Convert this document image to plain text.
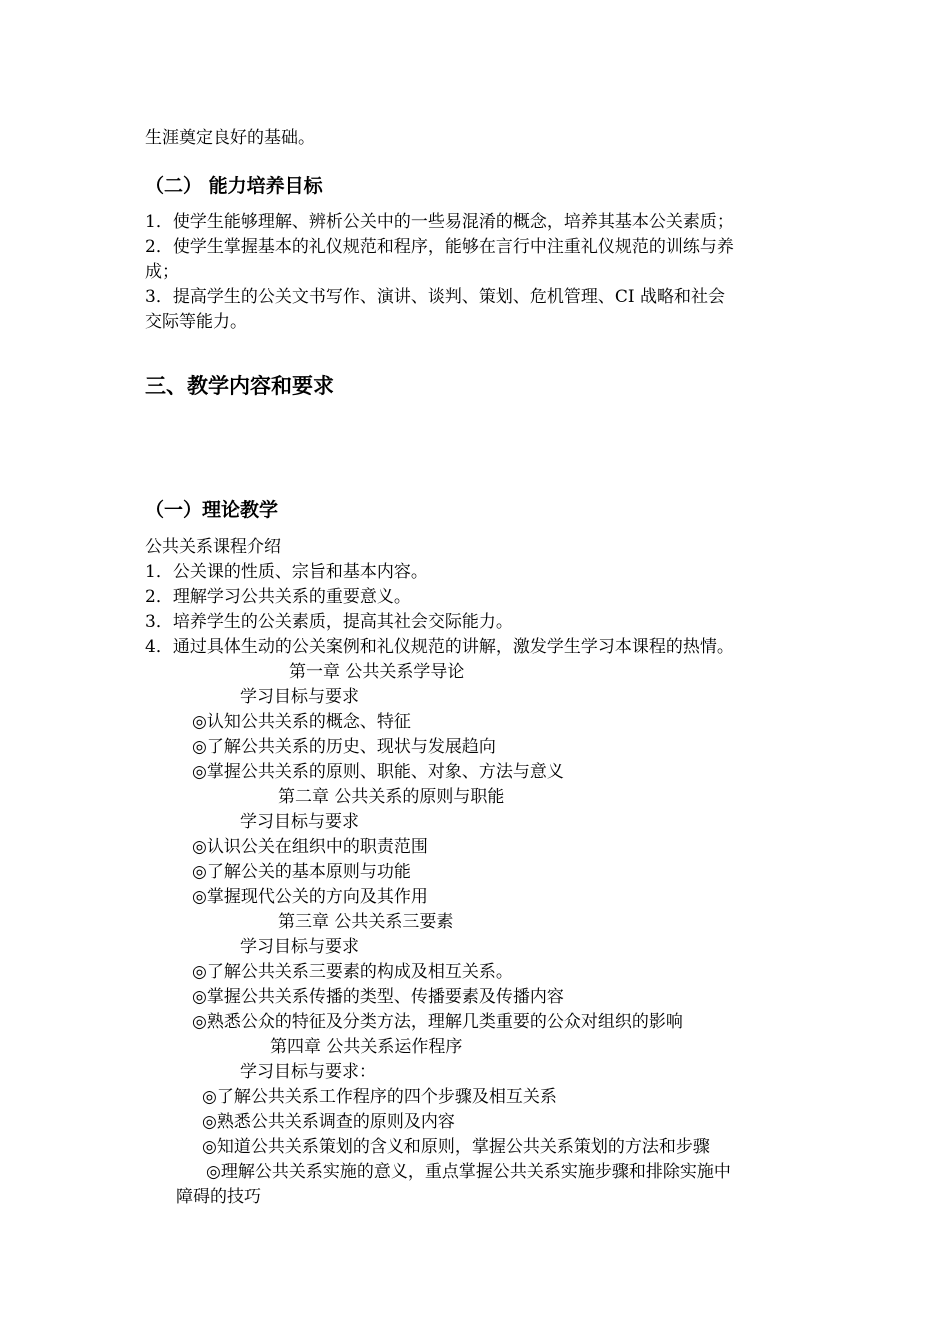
生涯奠定良好的基础。
（二） 能力培养目标
1．使学生能够理解、辨析公关中的一些易混淆的概念，培养其基本公关素质；
2．使学生掌握基本的礼仪规范和程序，能够在言行中注重礼仪规范的训练与养
成；
3．提高学生的公关文书写作、演讲、谈判、策划、危机管理、CI 战略和社会
交际等能力。
三、教学内容和要求
（一）理论教学
公共关系课程介绍
1．公关课的性质、宗旨和基本内容。
2．理解学习公共关系的重要意义。
3．培养学生的公关素质，提高其社会交际能力。
4．通过具体生动的公关案例和礼仪规范的讲解，激发学生学习本课程的热情。
第一章 公共关系学导论
学习目标与要求
◎认知公共关系的概念、特征
◎了解公共关系的历史、现状与发展趋向
◎掌握公共关系的原则、职能、对象、方法与意义
第二章 公共关系的原则与职能
学习目标与要求
◎认识公关在组织中的职责范围
◎了解公关的基本原则与功能
◎掌握现代公关的方向及其作用
第三章 公共关系三要素
学习目标与要求
◎了解公共关系三要素的构成及相互关系。
◎掌握公共关系传播的类型、传播要素及传播内容
◎熟悉公众的特征及分类方法，理解几类重要的公众对组织的影响
第四章 公共关系运作程序
学习目标与要求：
◎了解公共关系工作程序的四个步骤及相互关系
◎熟悉公共关系调查的原则及内容
◎知道公共关系策划的含义和原则，掌握公共关系策划的方法和步骤
◎理解公共关系实施的意义，重点掌握公共关系实施步骤和排除实施中
障碍的技巧
